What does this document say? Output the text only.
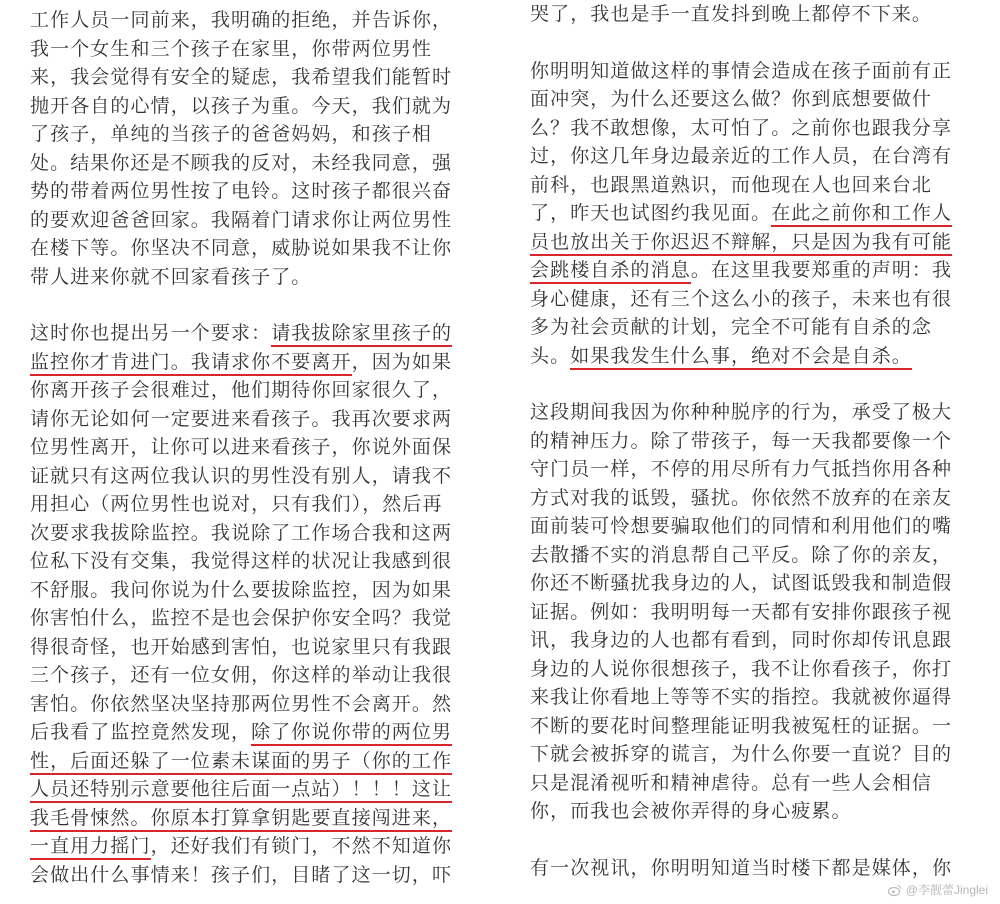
工作人员一同前来，我明确的拒绝，并告诉你，
我一个女生和三个孩子在家里，你带两位男性
来，我会觉得有安全的疑虑，我希望我们能暂时
抛开各自的心情，以孩子为重。今天，我们就为
了孩子，单纯的当孩子的爸爸妈妈，和孩子相
处。结果你还是不顾我的反对，未经我同意，强
势的带着两位男性按了电铃。这时孩子都很兴奋
的要欢迎爸爸回家。我隔着门请求你让两位男性
在楼下等。你坚决不同意，威胁说如果我不让你
带人进来你就不回家看孩子了。
这时你也提出另一个要求：请我拔除家里孩子的
监控你才肯进门。我请求你不要离开，因为如果
你离开孩子会很难过，他们期待你回家很久了，
请你无论如何一定要进来看孩子。我再次要求两
位男性离开，让你可以进来看孩子，你说外面保
证就只有这两位我认识的男性没有别人，请我不
用担心（两位男性也说对，只有我们），然后再
次要求我拔除监控。我说除了工作场合我和这两
位私下没有交集，我觉得这样的状况让我感到很
不舒服。我问你说为什么要拔除监控，因为如果
你害怕什么，监控不是也会保护你安全吗？我觉
得很奇怪，也开始感到害怕，也说家里只有我跟
三个孩子，还有一位女佣，你这样的举动让我很
害怕。你依然坚决坚持那两位男性不会离开。然
后我看了监控竟然发现，除了你说你带的两位男
性，后面还躲了一位素未谋面的男子（你的工作
人员还特别示意要他往后面一点站）！！！这让
我毛骨悚然。你原本打算拿钥匙要直接闯进来，
一直用力摇门，还好我们有锁门，不然不知道你
会做出什么事情来！孩子们，目睹了这一切，吓
哭了，我也是手一直发抖到晚上都停不下来。
你明明知道做这样的事情会造成在孩子面前有正
面冲突，为什么还要这么做？你到底想要做什
么？我不敢想像，太可怕了。之前你也跟我分享
过，你这几年身边最亲近的工作人员，在台湾有
前科，也跟黑道熟识，而他现在人也回来台北
了，昨天也试图约我见面。在此之前你和工作人
员也放出关于你迟迟不辩解，只是因为我有可能
会跳楼自杀的消息。在这里我要郑重的声明：我
身心健康，还有三个这么小的孩子，未来也有很
多为社会贡献的计划，完全不可能有自杀的念
头。如果我发生什么事，绝对不会是自杀。
这段期间我因为你种种脱序的行为，承受了极大
的精神压力。除了带孩子，每一天我都要像一个
守门员一样，不停的用尽所有力气抵挡你用各种
方式对我的诋毁，骚扰。你依然不放弃的在亲友
面前装可怜想要骗取他们的同情和利用他们的嘴
去散播不实的消息帮自己平反。除了你的亲友，
你还不断骚扰我身边的人，试图诋毁我和制造假
证据。例如：我明明每一天都有安排你跟孩子视
讯，我身边的人也都有看到，同时你却传讯息跟
身边的人说你很想孩子，我不让你看孩子，你打
来我让你看地上等等不实的指控。我就被你逼得
不断的要花时间整理能证明我被冤枉的证据。一
下就会被拆穿的谎言，为什么你要一直说？目的
只是混淆视听和精神虐待。总有一些人会相信
你，而我也会被你弄得的身心疲累。
有一次视讯，你明明知道当时楼下都是媒体，你
@李靓蕾Jinglei
